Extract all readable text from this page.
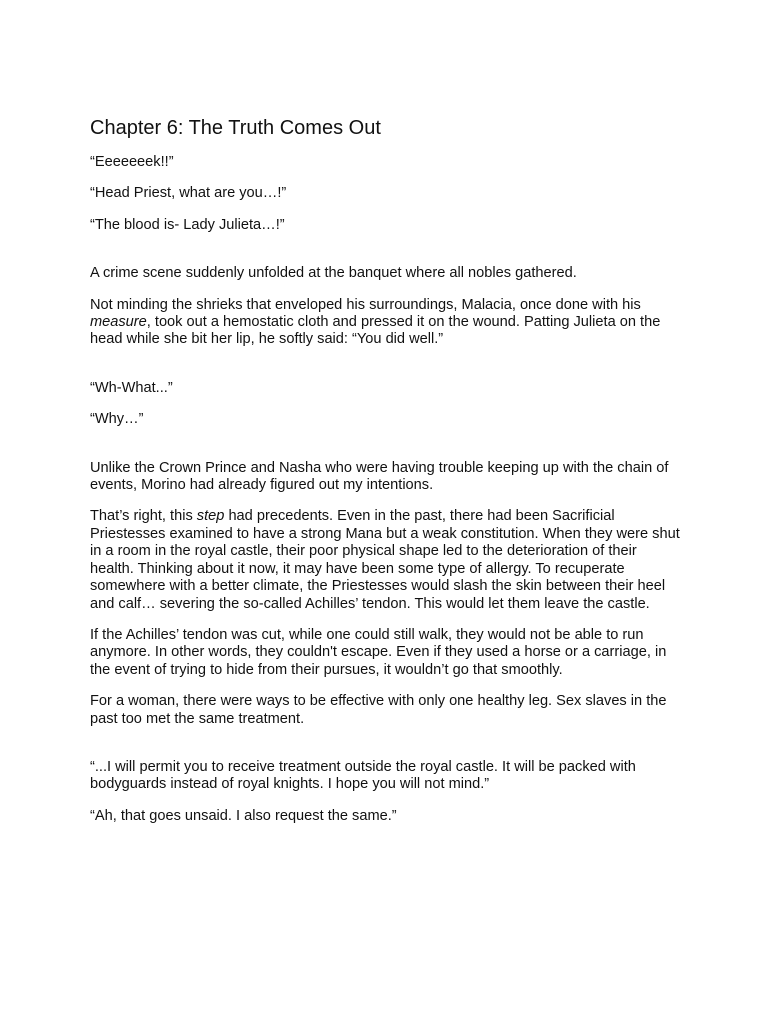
Chapter 6: The Truth Comes Out

“Eeeeeeek!!”

“Head Priest, what are you…!”

“The blood is- Lady Julieta…!”

A crime scene suddenly unfolded at the banquet where all nobles gathered.

Not minding the shrieks that enveloped his surroundings, Malacia, once done with his measure, took out a hemostatic cloth and pressed it on the wound. Patting Julieta on the head while she bit her lip, he softly said: “You did well.”

“Wh-What...”

“Why…”

Unlike the Crown Prince and Nasha who were having trouble keeping up with the chain of events, Morino had already figured out my intentions.

That’s right, this step had precedents. Even in the past, there had been Sacrificial Priestesses examined to have a strong Mana but a weak constitution. When they were shut in a room in the royal castle, their poor physical shape led to the deterioration of their health. Thinking about it now, it may have been some type of allergy. To recuperate somewhere with a better climate, the Priestesses would slash the skin between their heel and calf… severing the so-called Achilles’ tendon. This would let them leave the castle.

If the Achilles’ tendon was cut, while one could still walk, they would not be able to run anymore. In other words, they couldn't escape. Even if they used a horse or a carriage, in the event of trying to hide from their pursues, it wouldn’t go that smoothly.

For a woman, there were ways to be effective with only one healthy leg. Sex slaves in the past too met the same treatment.

“...I will permit you to receive treatment outside the royal castle. It will be packed with bodyguards instead of royal knights. I hope you will not mind.”

“Ah, that goes unsaid. I also request the same.”
